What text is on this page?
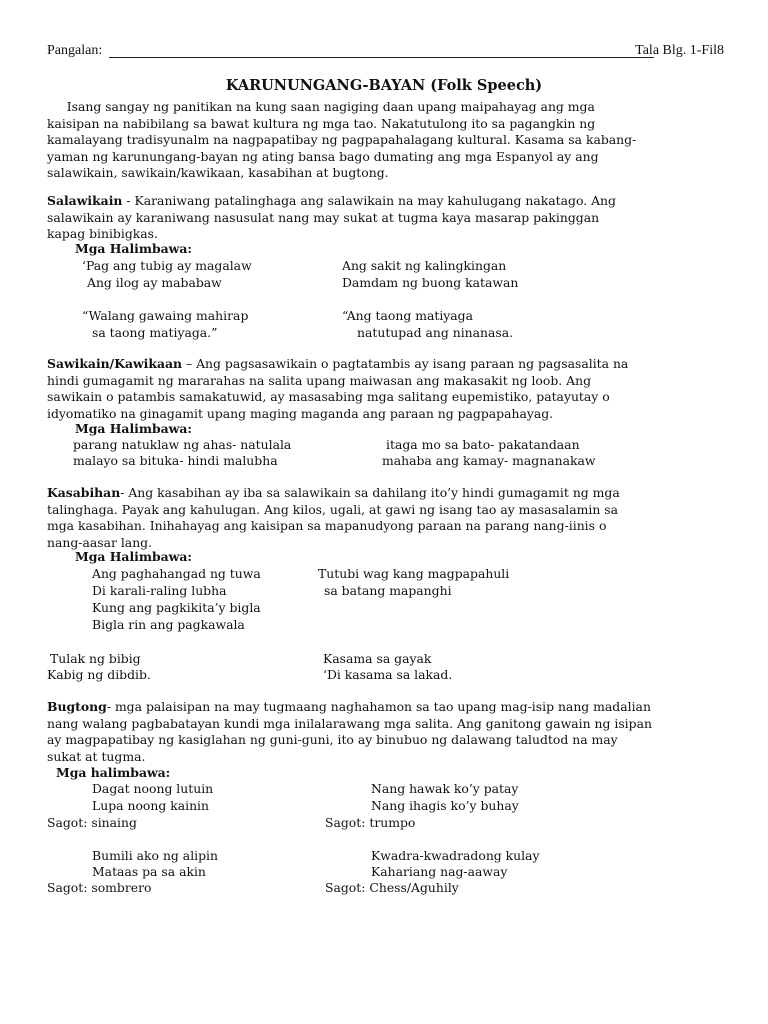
Pangalan:	Tala Blg. 1-Fil8
KARUNUNGANG-BAYAN (Folk Speech)
Isang sangay ng panitikan na kung saan nagiging daan upang maipahayag ang mga
kaisipan na nabibilang sa bawat kultura ng mga tao. Nakatutulong ito sa pagangkin ng
kamalayang tradisyunalm na nagpapatibay ng pagpapahalagang kultural. Kasama sa kabang-
yaman ng karunungang-bayan ng ating bansa bago dumating ang mga Espanyol ay ang
salawikain, sawikain/kawikaan, kasabihan at bugtong.
Salawikain - Karaniwang patalinghaga ang salawikain na may kahulugang nakatago. Ang
salawikain ay karaniwang nasusulat nang may sukat at tugma kaya masarap pakinggan
kapag binibigkas.
Mga Halimbawa:
‘Pag ang tubig ay magalaw
Ang ilog ay mababaw
Ang sakit ng kalingkingan
Damdam ng buong katawan
“Walang gawaing mahirap
sa taong matiyaga.”
“Ang taong matiyaga
natutupad ang ninanasa.
Sawikain/Kawikaan – Ang pagsasawikain o pagtatambis ay isang paraan ng pagsasalita na
hindi gumagamit ng mararahas na salita upang maiwasan ang makasakit ng loob. Ang
sawikain o patambis samakatuwid, ay masasabing mga salitang eupemistiko, patayutay o
idyomatiko na ginagamit upang maging maganda ang paraan ng pagpapahayag.
Mga Halimbawa:
parang natuklaw ng ahas- natulala
malayo sa bituka- hindi malubha
itaga mo sa bato- pakatandaan
mahaba ang kamay- magnanakaw
Kasabihan- Ang kasabihan ay iba sa salawikain sa dahilang ito’y hindi gumagamit ng mga
talinghaga. Payak ang kahulugan. Ang kilos, ugali, at gawi ng isang tao ay masasalamin sa
mga kasabihan. Inihahayag ang kaisipan sa mapanudyong paraan na parang nang-iinis o
nang-aasar lang.
Mga Halimbawa:
Ang paghahangad ng tuwa
Di karali-raling lubha
Kung ang pagkikita’y bigla
Bigla rin ang pagkawala
Tutubi wag kang magpapahuli
sa batang mapanghi
Tulak ng bibig
Kabig ng dibdib.
Kasama sa gayak
‘Di kasama sa lakad.
Bugtong- mga palaisipan na may tugmaang naghahamon sa tao upang mag-isip nang madalian
nang walang pagbabatayan kundi mga inilalarawang mga salita. Ang ganitong gawain ng isipan
ay magpapatibay ng kasiglahan ng guni-guni, ito ay binubuo ng dalawang taludtod na may
sukat at tugma.
Mga halimbawa:
Dagat noong lutuin
Lupa noong kainin
Sagot: sinaing
Nang hawak ko’y patay
Nang ihagis ko’y buhay
Sagot: trumpo
Bumili ako ng alipin
Mataas pa sa akin
Sagot: sombrero
Kwadra-kwadradong kulay
Kahariang nag-aaway
Sagot: Chess/Aguhily
